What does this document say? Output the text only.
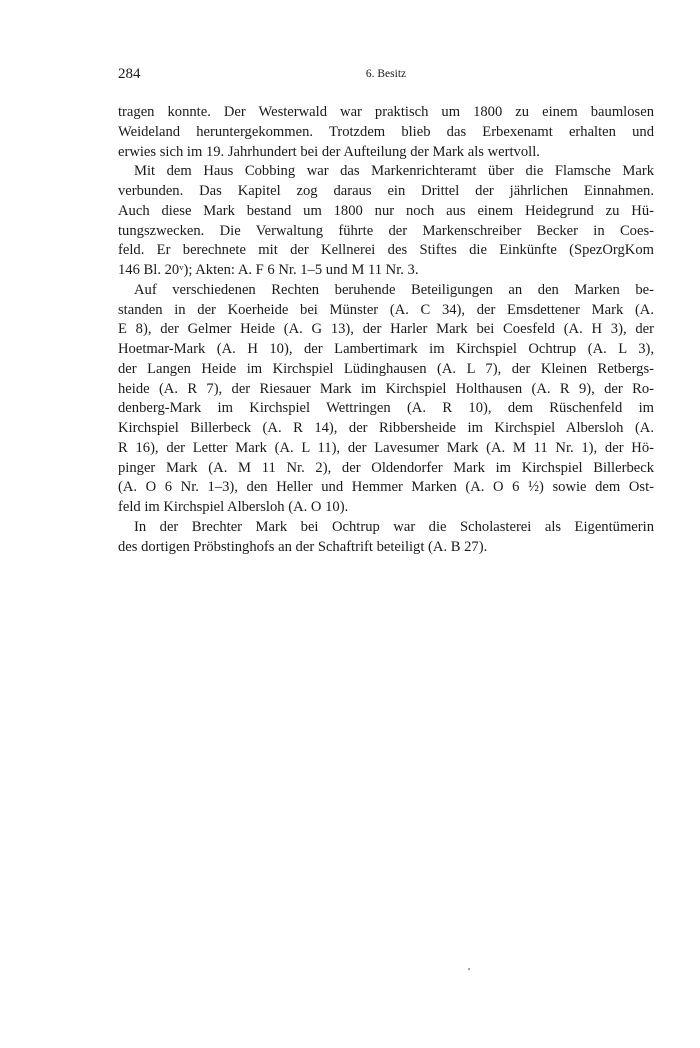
284	6. Besitz
tragen konnte. Der Westerwald war praktisch um 1800 zu einem baumlosen
Weideland heruntergekommen. Trotzdem blieb das Erbexenamt erhalten und
erwies sich im 19. Jahrhundert bei der Aufteilung der Mark als wertvoll.
Mit dem Haus Cobbing war das Markenrichteramt über die Flamsche Mark
verbunden. Das Kapitel zog daraus ein Drittel der jährlichen Einnahmen.
Auch diese Mark bestand um 1800 nur noch aus einem Heidegrund zu Hü-
tungszwecken. Die Verwaltung führte der Markenschreiber Becker in Coes-
feld. Er berechnete mit der Kellnerei des Stiftes die Einkünfte (SpezOrgKom
146 Bl. 20ᵛ); Akten: A. F 6 Nr. 1–5 und M 11 Nr. 3.
Auf verschiedenen Rechten beruhende Beteiligungen an den Marken be-
standen in der Koerheide bei Münster (A. C 34), der Emsdettener Mark (A.
E 8), der Gelmer Heide (A. G 13), der Harler Mark bei Coesfeld (A. H 3), der
Hoetmar-Mark (A. H 10), der Lambertimark im Kirchspiel Ochtrup (A. L 3),
der Langen Heide im Kirchspiel Lüdinghausen (A. L 7), der Kleinen Retbergs-
heide (A. R 7), der Riesauer Mark im Kirchspiel Holthausen (A. R 9), der Ro-
denberg-Mark im Kirchspiel Wettringen (A. R 10), dem Rüschenfeld im
Kirchspiel Billerbeck (A. R 14), der Ribbersheide im Kirchspiel Albersloh (A.
R 16), der Letter Mark (A. L 11), der Lavesumer Mark (A. M 11 Nr. 1), der Hö-
pinger Mark (A. M 11 Nr. 2), der Oldendorfer Mark im Kirchspiel Billerbeck
(A. O 6 Nr. 1–3), den Heller und Hemmer Marken (A. O 6 ½) sowie dem Ost-
feld im Kirchspiel Albersloh (A. O 10).
In der Brechter Mark bei Ochtrup war die Scholasterei als Eigentümerin
des dortigen Pröbstinghofs an der Schaftrift beteiligt (A. B 27).
